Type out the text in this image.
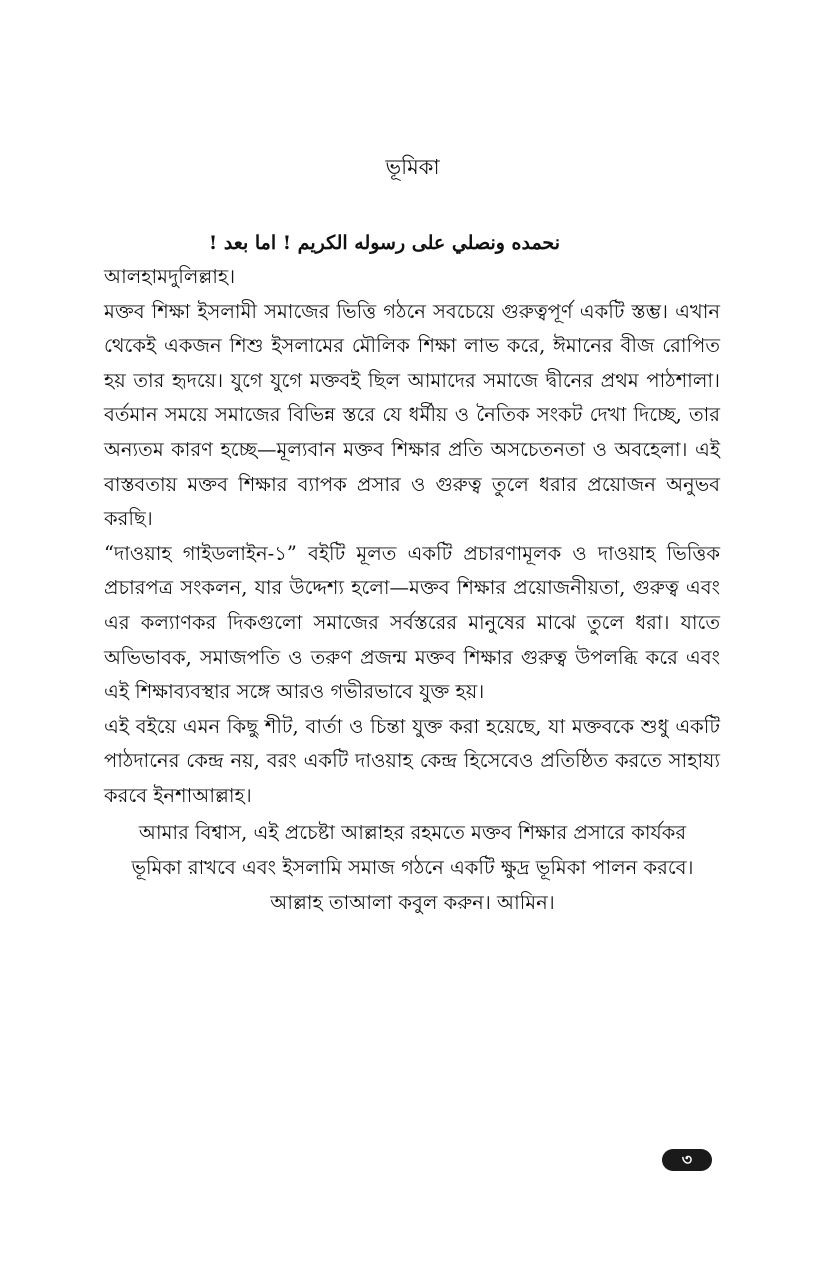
ভূমিকা
نحمده ونصلي على رسوله الكريم ! اما بعد !

আলহামদুলিল্লাহ।

মক্তব শিক্ষা ইসলামী সমাজের ভিত্তি গঠনে সবচেয়ে গুরুত্বপূর্ণ একটি স্তম্ভ। এখান থেকেই একজন শিশু ইসলামের মৌলিক শিক্ষা লাভ করে, ঈমানের বীজ রোপিত হয় তার হৃদয়ে। যুগে যুগে মক্তবই ছিল আমাদের সমাজে দ্বীনের প্রথম পাঠশালা। বর্তমান সময়ে সমাজের বিভিন্ন স্তরে যে ধর্মীয় ও নৈতিক সংকট দেখা দিচ্ছে, তার অন্যতম কারণ হচ্ছে—মূল্যবান মক্তব শিক্ষার প্রতি অসচেতনতা ও অবহেলা। এই বাস্তবতায় মক্তব শিক্ষার ব্যাপক প্রসার ও গুরুত্ব তুলে ধরার প্রয়োজন অনুভব করছি।

“দাওয়াহ গাইডলাইন-১” বইটি মূলত একটি প্রচারণামূলক ও দাওয়াহ ভিত্তিক প্রচারপত্র সংকলন, যার উদ্দেশ্য হলো—মক্তব শিক্ষার প্রয়োজনীয়তা, গুরুত্ব এবং এর কল্যাণকর দিকগুলো সমাজের সর্বস্তরের মানুষের মাঝে তুলে ধরা। যাতে অভিভাবক, সমাজপতি ও তরুণ প্রজন্ম মক্তব শিক্ষার গুরুত্ব উপলব্ধি করে এবং এই শিক্ষাব্যবস্থার সঙ্গে আরও গভীরভাবে যুক্ত হয়।

এই বইয়ে এমন কিছু শীট, বার্তা ও চিন্তা যুক্ত করা হয়েছে, যা মক্তবকে শুধু একটি পাঠদানের কেন্দ্র নয়, বরং একটি দাওয়াহ কেন্দ্র হিসেবেও প্রতিষ্ঠিত করতে সাহায্য করবে ইনশাআল্লাহ।

আমার বিশ্বাস, এই প্রচেষ্টা আল্লাহর রহমতে মক্তব শিক্ষার প্রসারে কার্যকর

ভূমিকা রাখবে এবং ইসলামি সমাজ গঠনে একটি ক্ষুদ্র ভূমিকা পালন করবে।

আল্লাহ তাআলা কবুল করুন। আমিন।

৩
